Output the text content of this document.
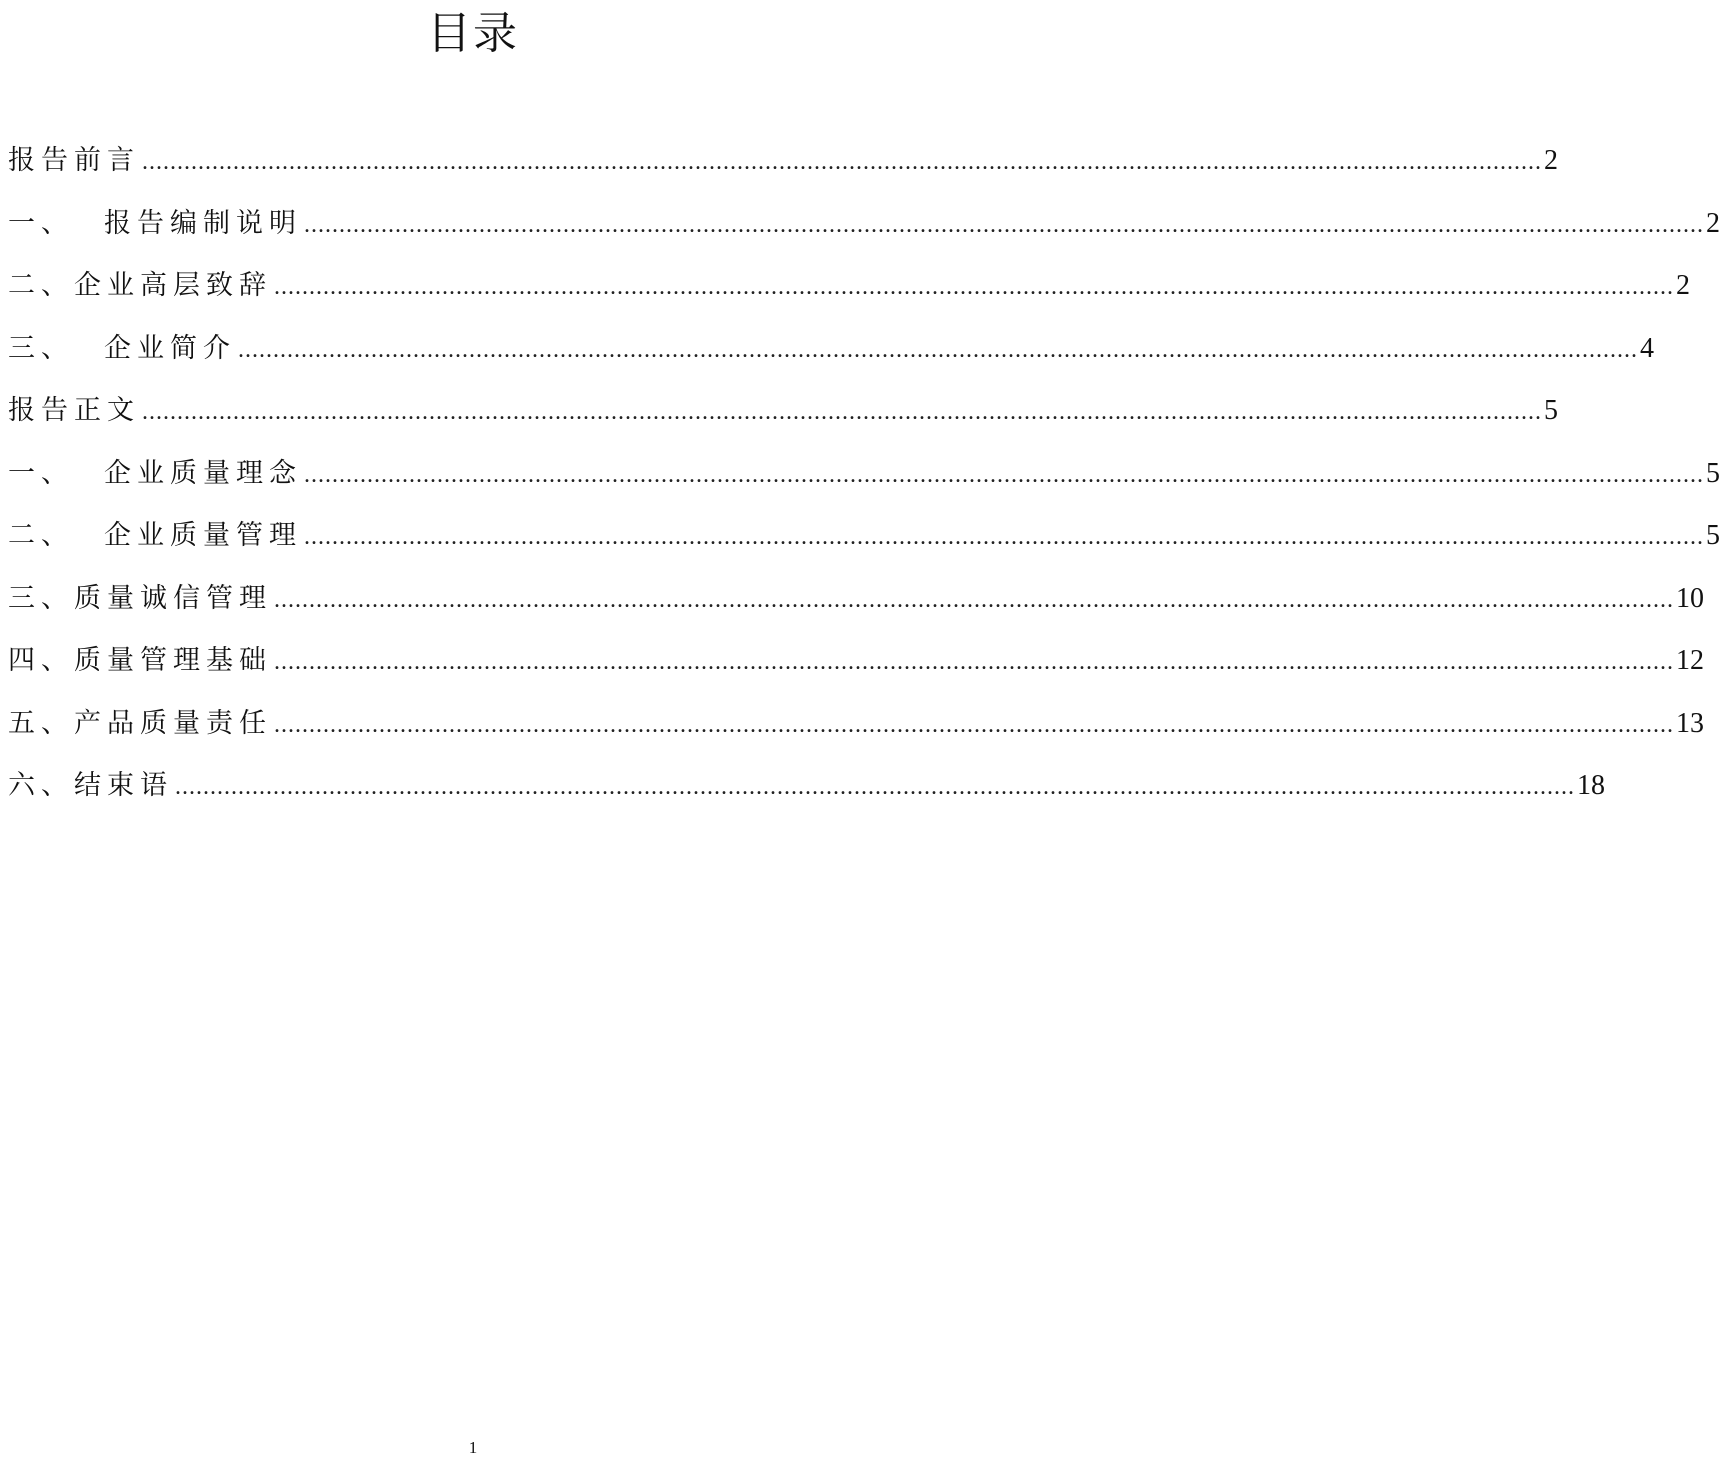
目录
报告前言 ........................................................................................................................................................................................................ 2
一、 报告编制说明 ........................................................................................................................................................................................................ 2
二、企业高层致辞 ........................................................................................................................................................................................................ 2
三、 企业简介 ........................................................................................................................................................................................................ 4
报告正文 ........................................................................................................................................................................................................ 5
一、 企业质量理念 ........................................................................................................................................................................................................ 5
二、 企业质量管理 ........................................................................................................................................................................................................ 5
三、质量诚信管理 ........................................................................................................................................................................................................ 10
四、质量管理基础 ........................................................................................................................................................................................................ 12
五、产品质量责任 ........................................................................................................................................................................................................ 13
六、结束语 ........................................................................................................................................................................................................ 18
1
